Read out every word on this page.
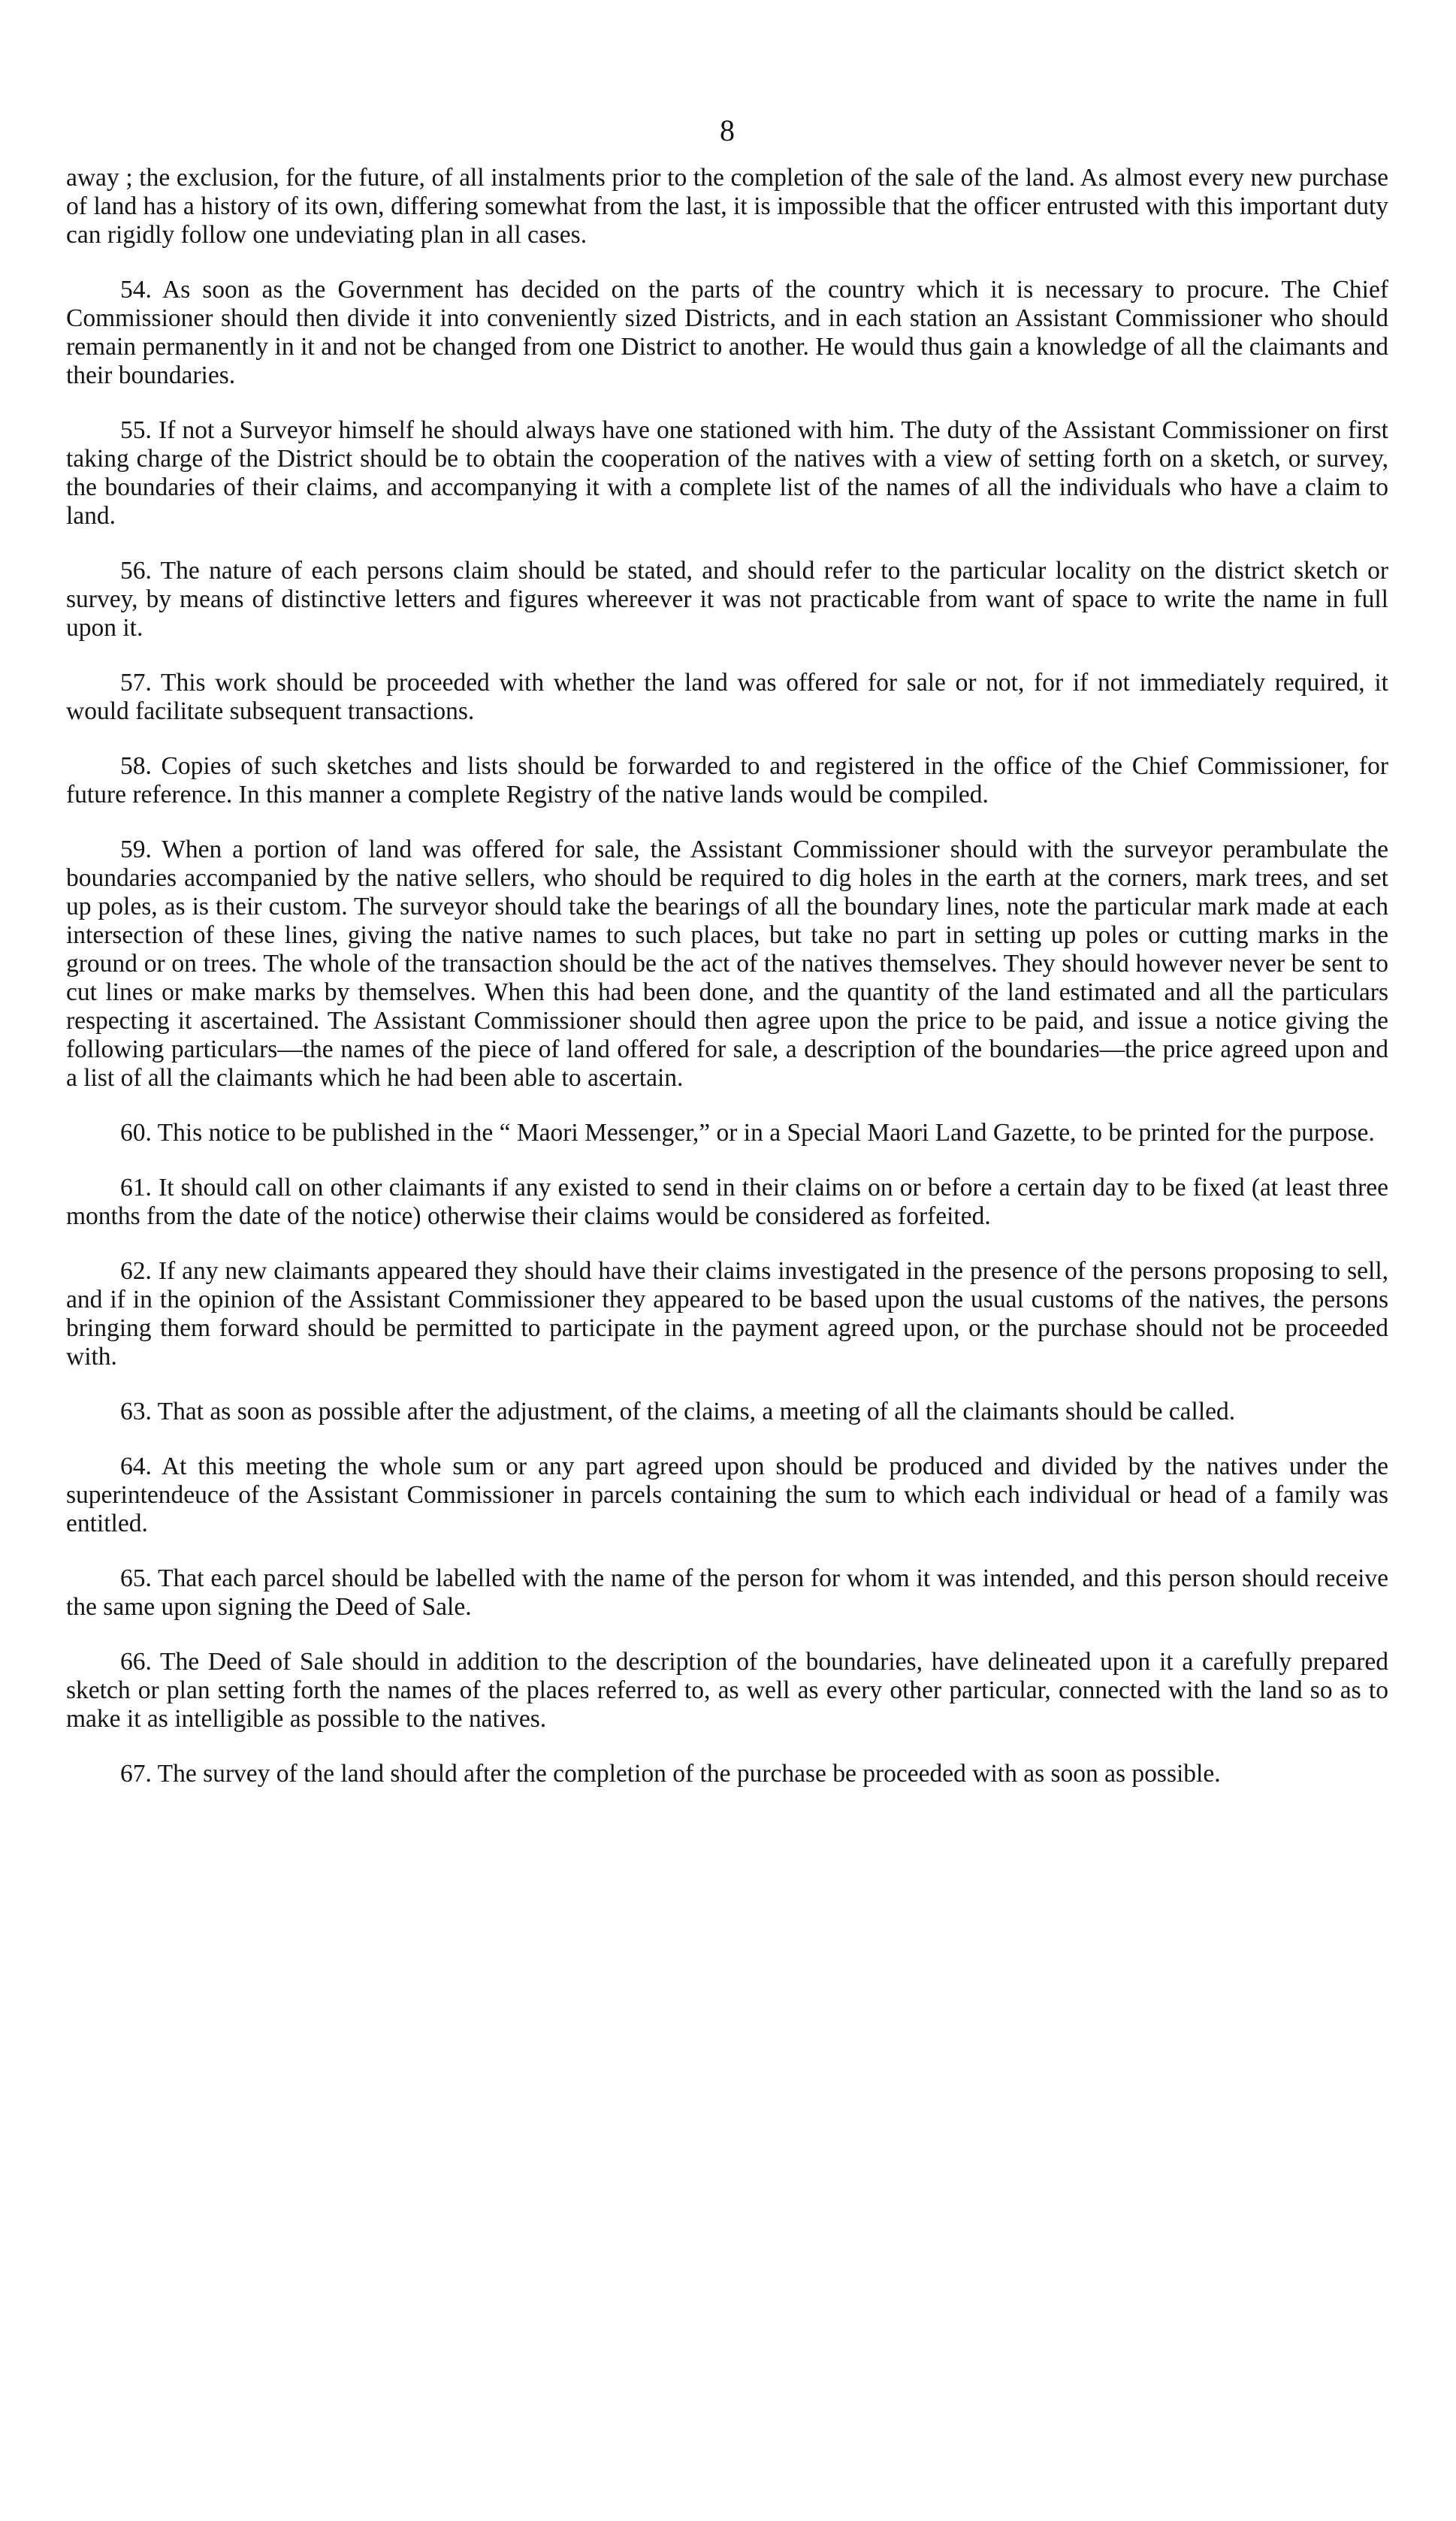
8

away ; the exclusion, for the future, of all instalments prior to the completion of the sale of the land. As almost every new purchase of land has a history of its own, differing somewhat from the last, it is impossible that the officer entrusted with this important duty can rigidly follow one undeviating plan in all cases.

54. As soon as the Government has decided on the parts of the country which it is necessary to procure. The Chief Commissioner should then divide it into conveniently sized Districts, and in each station an Assistant Commissioner who should remain permanently in it and not be changed from one District to another. He would thus gain a knowledge of all the claimants and their boundaries.

55. If not a Surveyor himself he should always have one stationed with him. The duty of the Assistant Commissioner on first taking charge of the District should be to obtain the cooperation of the natives with a view of setting forth on a sketch, or survey, the boundaries of their claims, and accompanying it with a complete list of the names of all the individuals who have a claim to land.

56. The nature of each persons claim should be stated, and should refer to the particular locality on the district sketch or survey, by means of distinctive letters and figures whereever it was not practicable from want of space to write the name in full upon it.

57. This work should be proceeded with whether the land was offered for sale or not, for if not immediately required, it would facilitate subsequent transactions.

58. Copies of such sketches and lists should be forwarded to and registered in the office of the Chief Commissioner, for future reference. In this manner a complete Registry of the native lands would be compiled.

59. When a portion of land was offered for sale, the Assistant Commissioner should with the surveyor perambulate the boundaries accompanied by the native sellers, who should be required to dig holes in the earth at the corners, mark trees, and set up poles, as is their custom. The surveyor should take the bearings of all the boundary lines, note the particular mark made at each intersection of these lines, giving the native names to such places, but take no part in setting up poles or cutting marks in the ground or on trees. The whole of the transaction should be the act of the natives themselves. They should however never be sent to cut lines or make marks by themselves. When this had been done, and the quantity of the land estimated and all the particulars respecting it ascertained. The Assistant Commissioner should then agree upon the price to be paid, and issue a notice giving the following particulars—the names of the piece of land offered for sale, a description of the boundaries—the price agreed upon and a list of all the claimants which he had been able to ascertain.

60. This notice to be published in the “ Maori Messenger,” or in a Special Maori Land Gazette, to be printed for the purpose.

61. It should call on other claimants if any existed to send in their claims on or before a certain day to be fixed (at least three months from the date of the notice) otherwise their claims would be considered as forfeited.

62. If any new claimants appeared they should have their claims investigated in the presence of the persons proposing to sell, and if in the opinion of the Assistant Commissioner they appeared to be based upon the usual customs of the natives, the persons bringing them forward should be permitted to participate in the payment agreed upon, or the purchase should not be proceeded with.

63. That as soon as possible after the adjustment, of the claims, a meeting of all the claimants should be called.

64. At this meeting the whole sum or any part agreed upon should be produced and divided by the natives under the superintendeuce of the Assistant Commissioner in parcels containing the sum to which each individual or head of a family was entitled.

65. That each parcel should be labelled with the name of the person for whom it was intended, and this person should receive the same upon signing the Deed of Sale.

66. The Deed of Sale should in addition to the description of the boundaries, have delineated upon it a carefully prepared sketch or plan setting forth the names of the places referred to, as well as every other particular, connected with the land so as to make it as intelligible as possible to the natives.

67. The survey of the land should after the completion of the purchase be proceeded with as soon as possible.
